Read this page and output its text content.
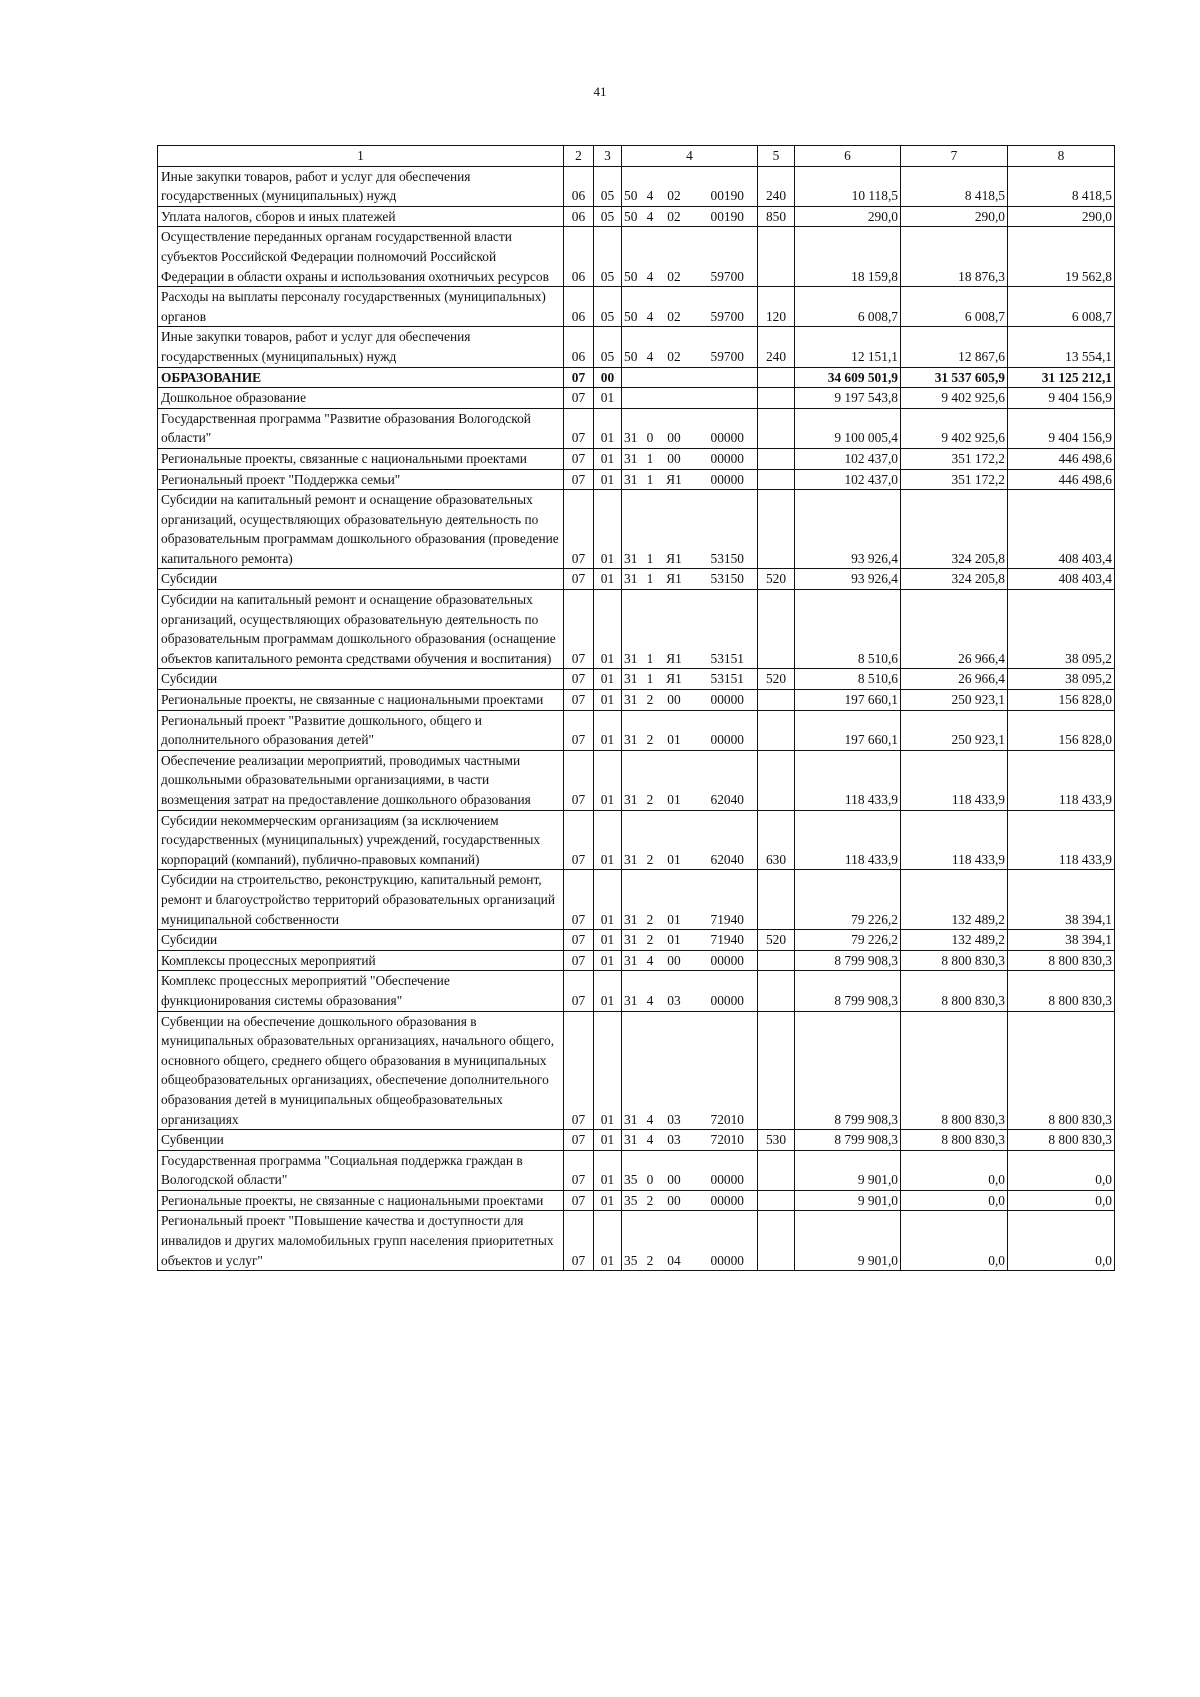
41
1	2	3	4	5	6	7	8
Иные закупки товаров, работ и услуг для обеспечения государственных (муниципальных) нужд	06	05	50 4 02 00190	240	10 118,5	8 418,5	8 418,5
Уплата налогов, сборов и иных платежей	06	05	50 4 02 00190	850	290,0	290,0	290,0
Осуществление переданных органам государственной власти субъектов Российской Федерации полномочий Российской Федерации в области охраны и использования охотничьих ресурсов	06	05	50 4 02 59700		18 159,8	18 876,3	19 562,8
Расходы на выплаты персоналу государственных (муниципальных) органов	06	05	50 4 02 59700	120	6 008,7	6 008,7	6 008,7
Иные закупки товаров, работ и услуг для обеспечения государственных (муниципальных) нужд	06	05	50 4 02 59700	240	12 151,1	12 867,6	13 554,1
ОБРАЗОВАНИЕ	07	00			34 609 501,9	31 537 605,9	31 125 212,1
Дошкольное образование	07	01			9 197 543,8	9 402 925,6	9 404 156,9
Государственная программа "Развитие образования Вологодской области"	07	01	31 0 00 00000		9 100 005,4	9 402 925,6	9 404 156,9
Региональные проекты, связанные с национальными проектами	07	01	31 1 00 00000		102 437,0	351 172,2	446 498,6
Региональный проект "Поддержка семьи"	07	01	31 1 Я1 00000		102 437,0	351 172,2	446 498,6
Субсидии на капитальный ремонт и оснащение образовательных организаций, осуществляющих образовательную деятельность по образовательным программам дошкольного образования (проведение капитального ремонта)	07	01	31 1 Я1 53150		93 926,4	324 205,8	408 403,4
Субсидии	07	01	31 1 Я1 53150	520	93 926,4	324 205,8	408 403,4
Субсидии на капитальный ремонт и оснащение образовательных организаций, осуществляющих образовательную деятельность по образовательным программам дошкольного образования (оснащение объектов капитального ремонта средствами обучения и воспитания)	07	01	31 1 Я1 53151		8 510,6	26 966,4	38 095,2
Субсидии	07	01	31 1 Я1 53151	520	8 510,6	26 966,4	38 095,2
Региональные проекты, не связанные с национальными проектами	07	01	31 2 00 00000		197 660,1	250 923,1	156 828,0
Региональный проект "Развитие дошкольного, общего и дополнительного образования детей"	07	01	31 2 01 00000		197 660,1	250 923,1	156 828,0
Обеспечение реализации мероприятий, проводимых частными дошкольными образовательными организациями, в части возмещения затрат на предоставление дошкольного образования	07	01	31 2 01 62040		118 433,9	118 433,9	118 433,9
Субсидии некоммерческим организациям (за исключением государственных (муниципальных) учреждений, государственных корпораций (компаний), публично-правовых компаний)	07	01	31 2 01 62040	630	118 433,9	118 433,9	118 433,9
Субсидии на строительство, реконструкцию, капитальный ремонт, ремонт и благоустройство территорий образовательных организаций муниципальной собственности	07	01	31 2 01 71940		79 226,2	132 489,2	38 394,1
Субсидии	07	01	31 2 01 71940	520	79 226,2	132 489,2	38 394,1
Комплексы процессных мероприятий	07	01	31 4 00 00000		8 799 908,3	8 800 830,3	8 800 830,3
Комплекс процессных мероприятий "Обеспечение функционирования системы образования"	07	01	31 4 03 00000		8 799 908,3	8 800 830,3	8 800 830,3
Субвенции на обеспечение дошкольного образования в муниципальных образовательных организациях, начального общего, основного общего, среднего общего образования в муниципальных общеобразовательных организациях, обеспечение дополнительного образования детей в муниципальных общеобразовательных организациях	07	01	31 4 03 72010		8 799 908,3	8 800 830,3	8 800 830,3
Субвенции	07	01	31 4 03 72010	530	8 799 908,3	8 800 830,3	8 800 830,3
Государственная программа "Социальная поддержка граждан в Вологодской области"	07	01	35 0 00 00000		9 901,0	0,0	0,0
Региональные проекты, не связанные с национальными проектами	07	01	35 2 00 00000		9 901,0	0,0	0,0
Региональный проект "Повышение качества и доступности для инвалидов и других маломобильных групп населения приоритетных объектов и услуг"	07	01	35 2 04 00000		9 901,0	0,0	0,0
